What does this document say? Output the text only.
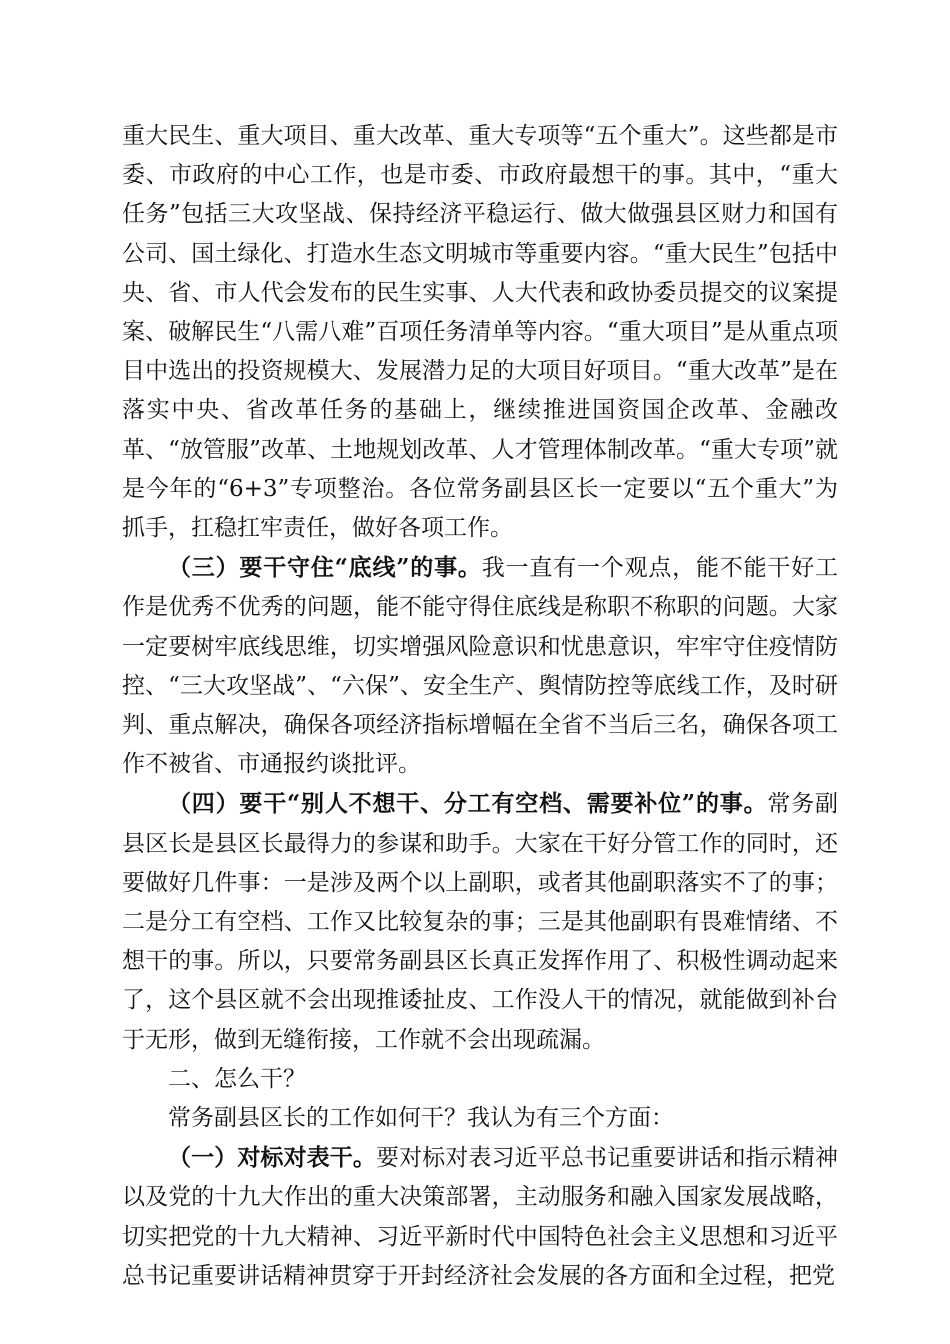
重大民生、重大项目、重大改革、重大专项等“五个重大”。这些都是市委、市政府的中心工作，也是市委、市政府最想干的事。其中，“重大任务”包括三大攻坚战、保持经济平稳运行、做大做强县区财力和国有公司、国土绿化、打造水生态文明城市等重要内容。“重大民生”包括中央、省、市人代会发布的民生实事、人大代表和政协委员提交的议案提案、破解民生“八需八难”百项任务清单等内容。“重大项目”是从重点项目中选出的投资规模大、发展潜力足的大项目好项目。“重大改革”是在落实中央、省改革任务的基础上，继续推进国资国企改革、金融改革、“放管服”改革、土地规划改革、人才管理体制改革。“重大专项”就是今年的“6+3”专项整治。各位常务副县区长一定要以“五个重大”为抓手，扛稳扛牢责任，做好各项工作。

（三）要干守住“底线”的事。我一直有一个观点，能不能干好工作是优秀不优秀的问题，能不能守得住底线是称职不称职的问题。大家一定要树牢底线思维，切实增强风险意识和忧患意识，牢牢守住疫情防控、“三大攻坚战”、“六保”、安全生产、舆情防控等底线工作，及时研判、重点解决，确保各项经济指标增幅在全省不当后三名，确保各项工作不被省、市通报约谈批评。

（四）要干“别人不想干、分工有空档、需要补位”的事。常务副县区长是县区长最得力的参谋和助手。大家在干好分管工作的同时，还要做好几件事：一是涉及两个以上副职，或者其他副职落实不了的事；二是分工有空档、工作又比较复杂的事；三是其他副职有畏难情绪、不想干的事。所以，只要常务副县区长真正发挥作用了、积极性调动起来了，这个县区就不会出现推诿扯皮、工作没人干的情况，就能做到补台于无形，做到无缝衔接，工作就不会出现疏漏。

二、怎么干？

常务副县区长的工作如何干？我认为有三个方面：

（一）对标对表干。要对标对表习近平总书记重要讲话和指示精神以及党的十九大作出的重大决策部署，主动服务和融入国家发展战略，切实把党的十九大精神、习近平新时代中国特色社会主义思想和习近平总书记重要讲话精神贯穿于开封经济社会发展的各方面和全过程，把党
